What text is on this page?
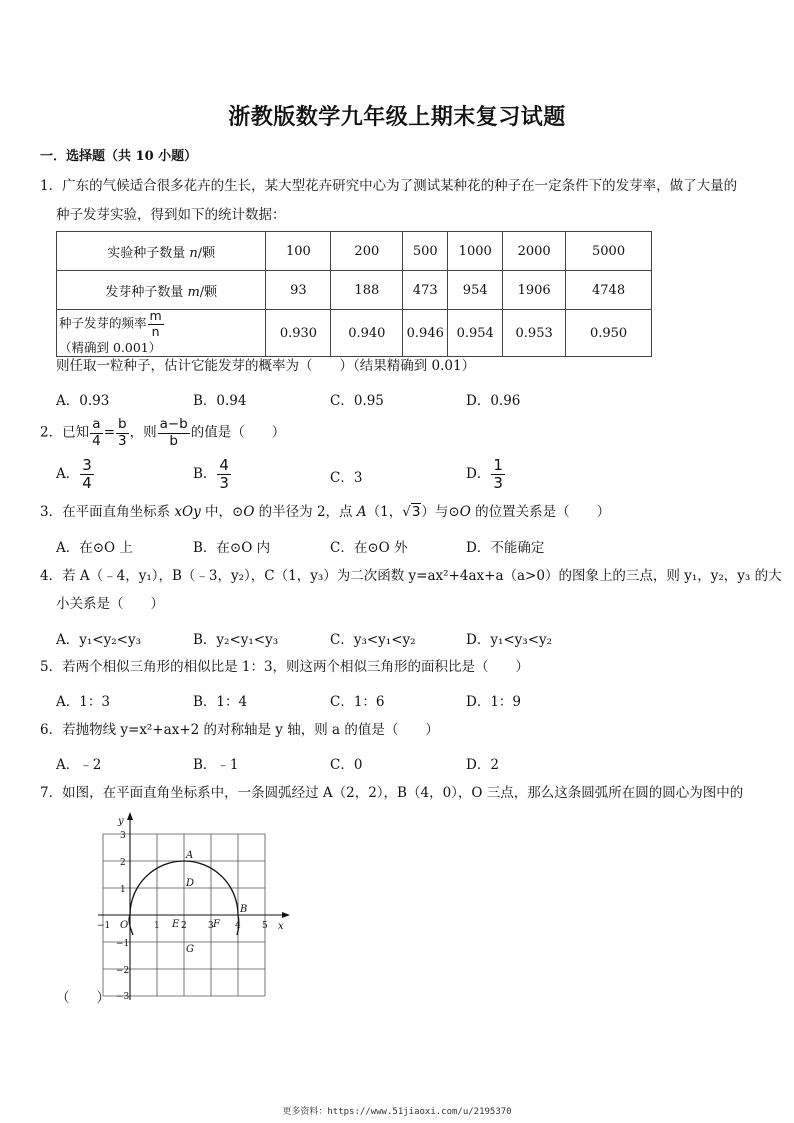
浙教版数学九年级上期末复习试题
一．选择题（共 10 小题）
1．广东的气候适合很多花卉的生长，某大型花卉研究中心为了测试某种花的种子在一定条件下的发芽率，做了大量的
种子发芽实验，得到如下的统计数据：
实验种子数量 n/颗	100	200	500	1000	2000	5000
发芽种子数量 m/颗	93	188	473	954	1906	4748
种子发芽的频率 $\frac{m}{n}$
（精确到 0.001）	0.930	0.940	0.946	0.954	0.953	0.950
则任取一粒种子，估计它能发芽的概率为（　　）（结果精确到 0.01）
A．0.93	B．0.94	C．0.95	D．0.96
2．已知 $\frac{a}{4} = \frac{b}{3}$ ，则 $\frac{a-b}{b}$ 的值是（　　）
A． $\frac{3}{4}$	B． $\frac{4}{3}$	C．3	D． $\frac{1}{3}$
3．在平面直角坐标系 xOy 中，⊙O 的半径为 2，点 A（1，√3）与⊙O 的位置关系是（　　）
A．在⊙O 上	B．在⊙O 内	C．在⊙O 外	D．不能确定
4．若 A（﹣4，y₁），B（﹣3，y₂），C（1，y₃）为二次函数 y=ax²+4ax+a（a>0）的图象上的三点，则 y₁，y₂，y₃ 的大
小关系是（　　）
A．y₁<y₂<y₃	B．y₂<y₁<y₃	C．y₃<y₁<y₂	D．y₁<y₃<y₂
5．若两个相似三角形的相似比是 1：3，则这两个相似三角形的面积比是（　　）
A．1：3	B．1：4	C．1：6	D．1：9
6．若抛物线 y=x²+ax+2 的对称轴是 y 轴，则 a 的值是（　　）
A．﹣2	B．﹣1	C．0	D．2
7．如图，在平面直角坐标系中，一条圆弧经过 A（2，2），B（4，0），O 三点，那么这条圆弧所在圆的圆心为图中的
x
y
O
A
B
D
E	F
G
−1	1 2 3 4 5
3
2
1
−1
−2
−3
（　　）
更多资料：https://www.51jiaoxi.com/u/2195370
